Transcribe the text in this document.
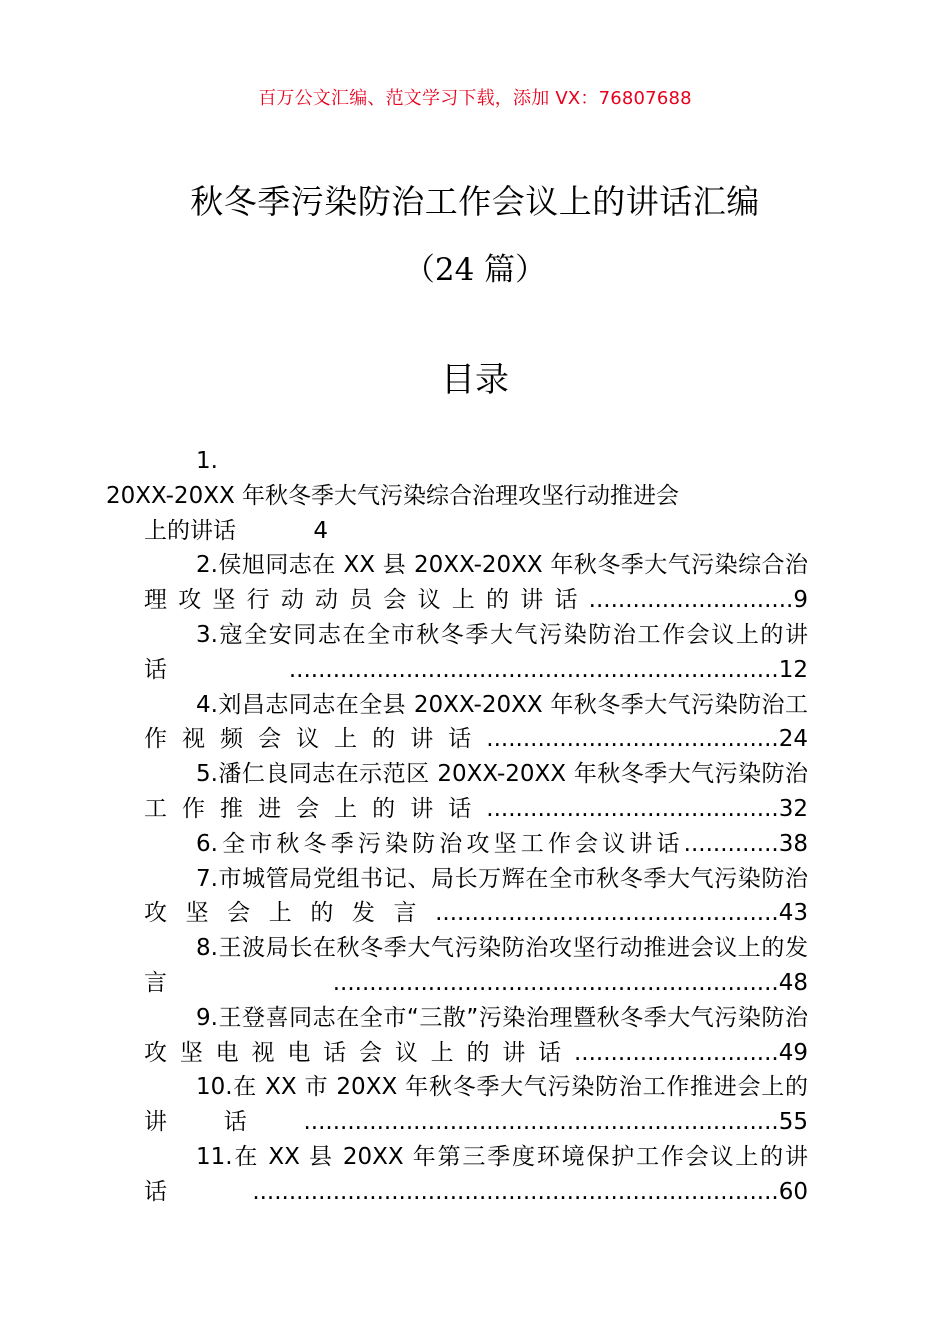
百万公文汇编、范文学习下载，添加 VX：76807688
秋冬季污染防治工作会议上的讲话汇编
（24 篇）
目录

1.
20XX-20XX 年秋冬季大气污染综合治理攻坚行动推进会
上的讲话	4

2.侯旭同志在 XX 县 20XX-20XX 年秋冬季大气污染综合治理攻坚行动动员会议上的讲话............................9

3.寇全安同志在全市秋冬季大气污染防治工作会议上的讲话...................................................................12

4.刘昌志同志在全县 20XX-20XX 年秋冬季大气污染防治工作视频会议上的讲话........................................24

5.潘仁良同志在示范区 20XX-20XX 年秋冬季大气污染防治工作推进会上的讲话........................................32

6.全市秋冬季污染防治攻坚工作会议讲话.............38

7.市城管局党组书记、局长万辉在全市秋冬季大气污染防治攻坚会上的发言...............................................43

8.王波局长在秋冬季大气污染防治攻坚行动推进会议上的发言.............................................................48

9.王登喜同志在全市“三散”污染治理暨秋冬季大气污染防治攻坚电视电话会议上的讲话............................49

10.在 XX 市 20XX 年秋冬季大气污染防治工作推进会上的讲话.................................................................55

11.在 XX 县 20XX 年第三季度环境保护工作会议上的讲话........................................................................60
